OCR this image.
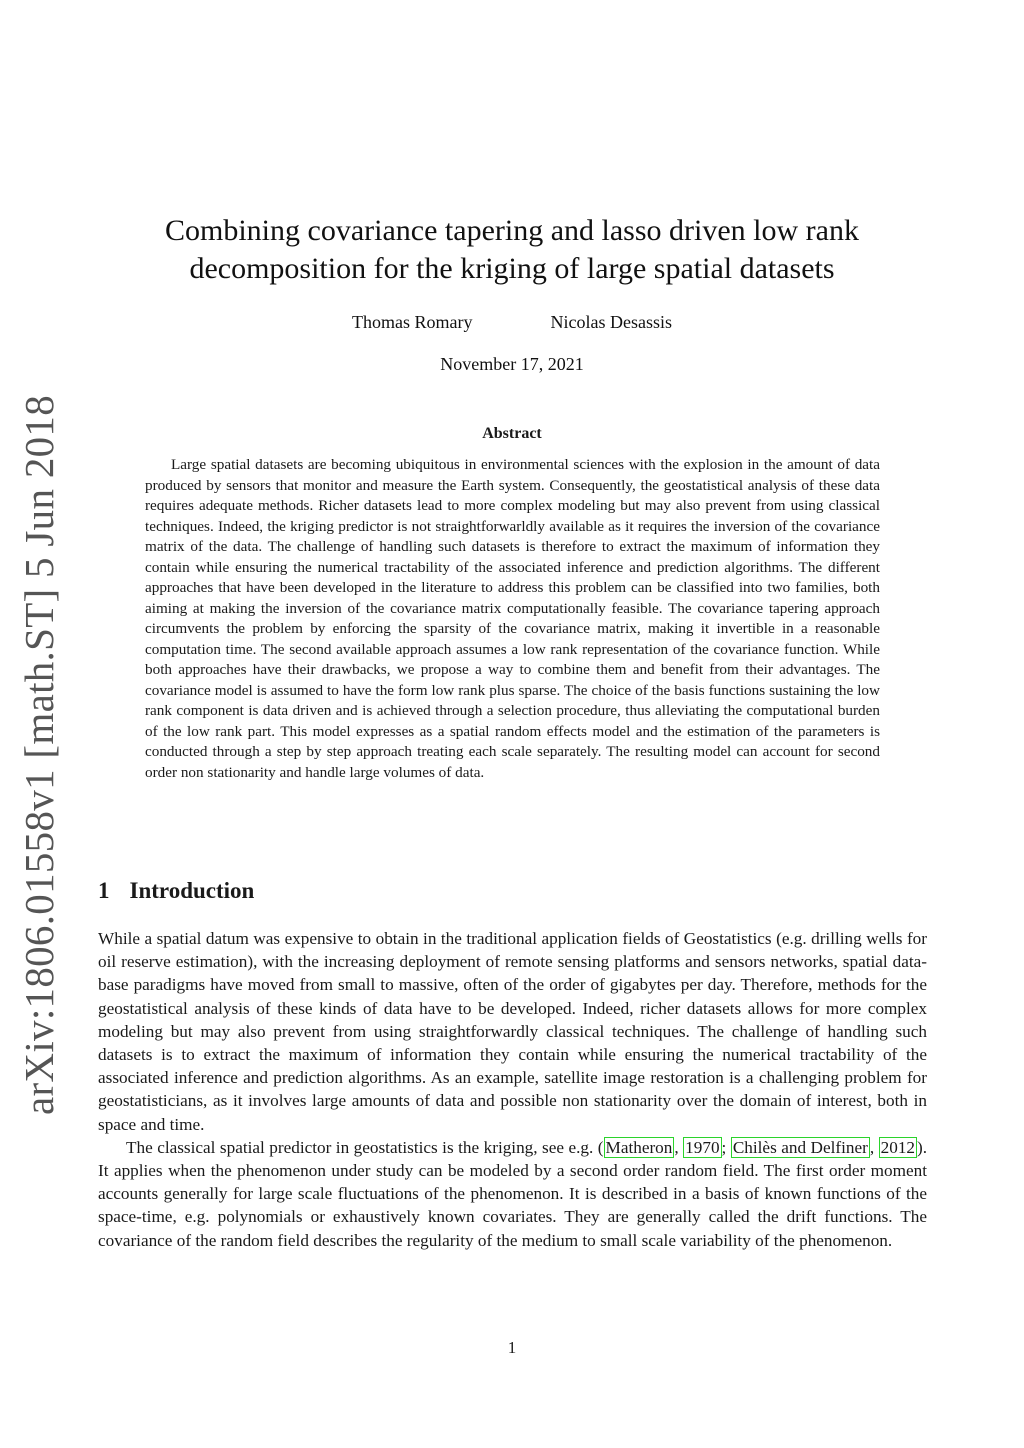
arXiv:1806.01558v1 [math.ST] 5 Jun 2018
Combining covariance tapering and lasso driven low rank
decomposition for the kriging of large spatial datasets
Thomas Romary	Nicolas Desassis
November 17, 2021
Abstract

Large spatial datasets are becoming ubiquitous in environmental sciences with the explosion in the amount of data produced by sensors that monitor and measure the Earth system. Consequently, the geostatistical analysis of these data requires adequate methods. Richer datasets lead to more complex modeling but may also prevent from using classical techniques. Indeed, the kriging predictor is not straightforwarldly available as it requires the inversion of the covariance matrix of the data. The challenge of handling such datasets is therefore to extract the maximum of information they contain while ensuring the numerical tractability of the associated inference and prediction algorithms. The different approaches that have been developed in the literature to address this problem can be classified into two families, both aiming at making the inversion of the covariance matrix computationally feasible. The covariance tapering approach circumvents the problem by enforcing the sparsity of the covariance matrix, making it invertible in a reasonable computation time. The second available approach assumes a low rank representation of the covariance function. While both approaches have their drawbacks, we propose a way to combine them and benefit from their advantages. The covariance model is assumed to have the form low rank plus sparse. The choice of the basis functions sustaining the low rank component is data driven and is achieved through a selection procedure, thus alleviating the computational burden of the low rank part. This model expresses as a spatial random effects model and the estimation of the parameters is conducted through a step by step approach treating each scale separately. The resulting model can account for second order non stationarity and handle large volumes of data.

1 Introduction

While a spatial datum was expensive to obtain in the traditional application fields of Geostatistics (e.g. drilling wells for oil reserve estimation), with the increasing deployment of remote sensing platforms and sensors networks, spatial data-base paradigms have moved from small to massive, often of the order of gigabytes per day. Therefore, methods for the geostatistical analysis of these kinds of data have to be developed. Indeed, richer datasets allows for more complex modeling but may also prevent from using straightforwardly classical techniques. The challenge of handling such datasets is to extract the maximum of information they contain while ensuring the numerical tractability of the associated inference and prediction algorithms. As an example, satellite image restoration is a challenging problem for geostatisticians, as it involves large amounts of data and possible non stationarity over the domain of interest, both in space and time.

The classical spatial predictor in geostatistics is the kriging, see e.g. ( Matheron , 1970 ; Chilès and Delfiner , 2012 ). It applies when the phenomenon under study can be modeled by a second order random field. The first order moment accounts generally for large scale fluctuations of the phenomenon. It is described in a basis of known functions of the space-time, e.g. polynomials or exhaustively known covariates. They are generally called the drift functions. The covariance of the random field describes the regularity of the medium to small scale variability of the phenomenon.

1
